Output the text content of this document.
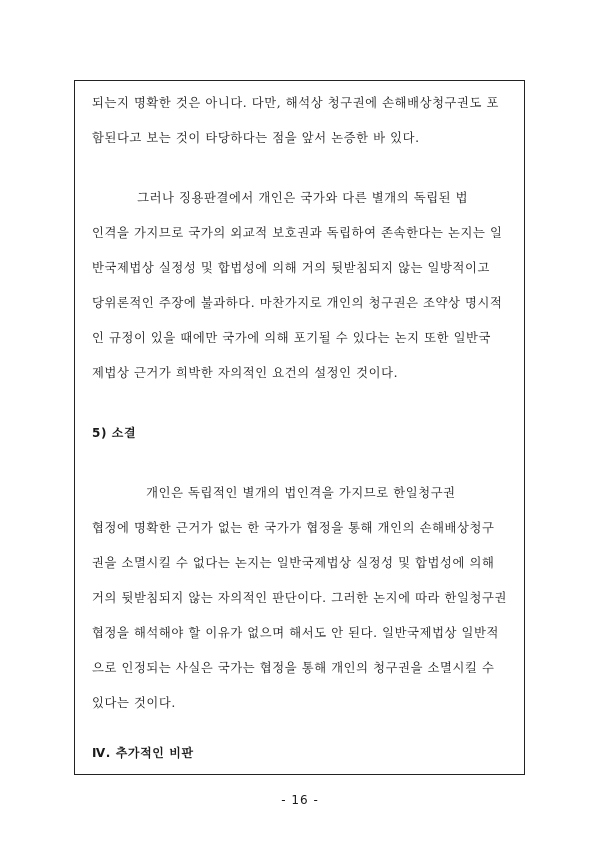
되는지 명확한 것은 아니다. 다만, 해석상 청구권에 손해배상청구권도 포
함된다고 보는 것이 타당하다는 점을 앞서 논증한 바 있다.
그러나 징용판결에서 개인은 국가와 다른 별개의 독립된 법
인격을 가지므로 국가의 외교적 보호권과 독립하여 존속한다는 논지는 일
반국제법상 실정성 및 합법성에 의해 거의 뒷받침되지 않는 일방적이고
당위론적인 주장에 불과하다. 마찬가지로 개인의 청구권은 조약상 명시적
인 규정이 있을 때에만 국가에 의해 포기될 수 있다는 논지 또한 일반국
제법상 근거가 희박한 자의적인 요건의 설정인 것이다.
5) 소결
개인은 독립적인 별개의 법인격을 가지므로 한일청구권
협정에 명확한 근거가 없는 한 국가가 협정을 통해 개인의 손해배상청구
권을 소멸시킬 수 없다는 논지는 일반국제법상 실정성 및 합법성에 의해
거의 뒷받침되지 않는 자의적인 판단이다. 그러한 논지에 따라 한일청구권
협정을 해석해야 할 이유가 없으며 해서도 안 된다. 일반국제법상 일반적
으로 인정되는 사실은 국가는 협정을 통해 개인의 청구권을 소멸시킬 수
있다는 것이다.
Ⅳ. 추가적인 비판
- 16 -
